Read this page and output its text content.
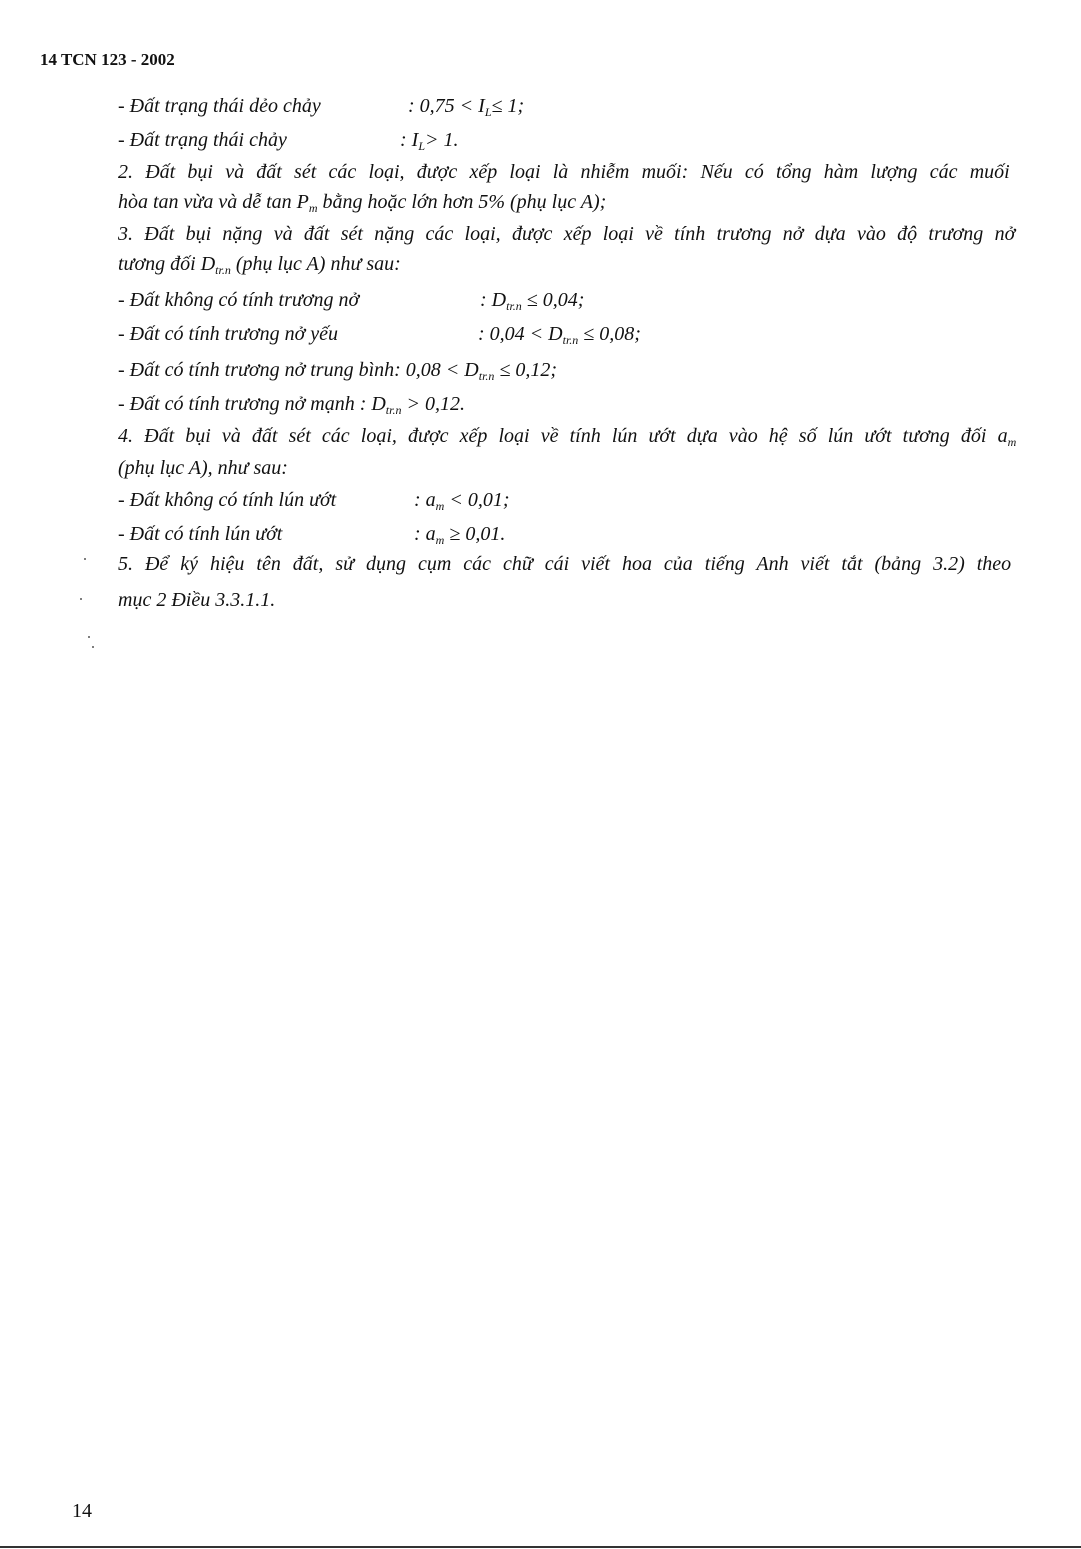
14 TCN 123 - 2002
- Đất trạng thái dẻo chảy	: $0,75 < I_L\le 1$;
- Đất trạng thái chảy	: $I_L> 1$.
2. Đất bụi và đất sét các loại, được xếp loại là nhiễm muối: Nếu có tổng hàm lượng các muối
hòa tan vừa và dễ $\tan P_m$ bằng hoặc lớn hơn 5% (phụ lục A);
3. Đất bụi nặng và đất sét nặng các loại, được xếp loại về tính trương nở dựa vào độ trương nở
tương đối $D_{tr.n}$ (phụ lục A) như sau:
- Đất không có tính trương nở	: $D_{tr.n} \le 0,04$;
- Đất có tính trương nở yếu	: $0,04 < D_{tr.n} \le 0,08$;
- Đất có tính trương nở trung bình: $0,08 < D_{tr.n} \le 0,12$;
- Đất có tính trương nở mạnh : $D_{tr.n} > 0,12$.
4. Đất bụi và đất sét các loại, được xếp loại về tính lún ướt dựa vào hệ số lún ướt tương đối $a_m$
(phụ lục A), như sau:
- Đất không có tính lún ướt	: $a_m < 0,01$;
- Đất có tính lún ướt	: $a_m \ge 0,01$.
5. Để ký hiệu tên đất, sử dụng cụm các chữ cái viết hoa của tiếng Anh viết tắt (bảng 3.2) theo
mục 2 Điều 3.3.1.1.
14
